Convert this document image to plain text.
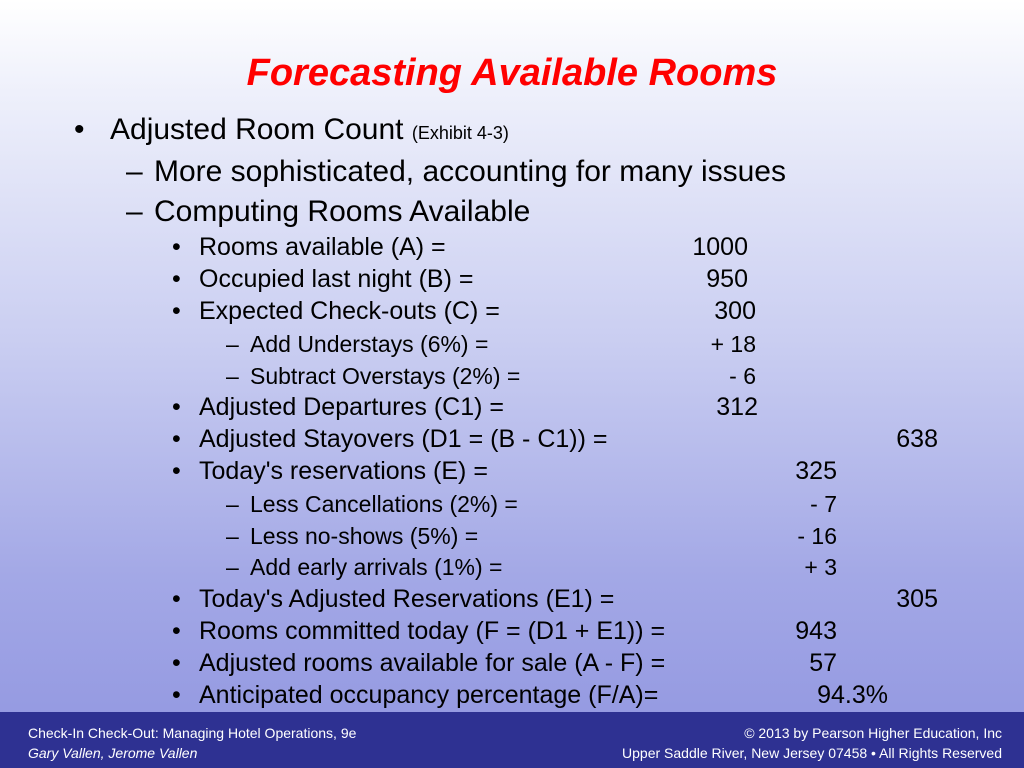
Forecasting Available Rooms
• Adjusted Room Count (Exhibit 4-3)
– More sophisticated, accounting for many issues
– Computing Rooms Available
• Rooms available (A) =	1000
• Occupied last night (B) =	950
• Expected Check-outs (C) =	300
– Add Understays (6%) =	+ 18
– Subtract Overstays (2%) =	- 6
• Adjusted Departures (C1) =	312
• Adjusted Stayovers (D1 = (B - C1)) =	638
• Today's reservations (E) =	325
– Less Cancellations (2%) =	- 7
– Less no-shows (5%) =	- 16
– Add early arrivals (1%) =	+ 3
• Today's Adjusted Reservations (E1) =	305
• Rooms committed today (F = (D1 + E1)) =	943
• Adjusted rooms available for sale (A - F) =	57
• Anticipated occupancy percentage (F/A)=	94.3%
Check-In Check-Out: Managing Hotel Operations, 9e
Gary Vallen, Jerome Vallen
© 2013 by Pearson Higher Education, Inc
Upper Saddle River, New Jersey 07458 • All Rights Reserved
